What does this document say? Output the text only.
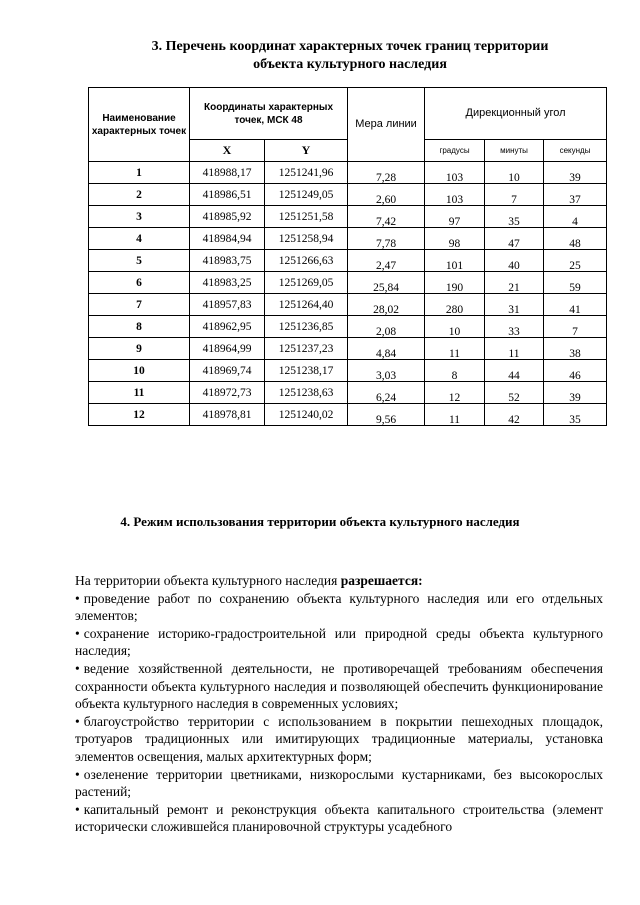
3. Перечень координат характерных точек границ территории
объекта культурного наследия
Наименование характерных точек	Координаты характерных точек, МСК 48		Мера линии	Дирекционный угол		
	X	Y		градусы	минуты	секунды
1	418988,17	1251241,96	7,28	103	10	39

2	418986,51	1251249,05	2,60	103	7	37

3	418985,92	1251251,58	7,42	97	35	4

4	418984,94	1251258,94	7,78	98	47	48

5	418983,75	1251266,63	2,47	101	40	25

6	418983,25	1251269,05	25,84	190	21	59

7	418957,83	1251264,40	28,02	280	31	41

8	418962,95	1251236,85	2,08	10	33	7

9	418964,99	1251237,23	4,84	11	11	38

10	418969,74	1251238,17	3,03	8	44	46

11	418972,73	1251238,63	6,24	12	52	39

12	418978,81	1251240,02	9,56	11	42	35
4. Режим использования территории объекта культурного наследия

На территории объекта культурного наследия разрешается:

• проведение работ по сохранению объекта культурного наследия или его отдельных элементов;

• сохранение историко-градостроительной или природной среды объекта культурного наследия;

• ведение хозяйственной деятельности, не противоречащей требованиям обеспечения сохранности объекта культурного наследия и позволяющей обеспечить функционирование объекта культурного наследия в современных условиях;

• благоустройство территории с использованием в покрытии пешеходных площадок, тротуаров традиционных или имитирующих традиционные материалы, установка элементов освещения, малых архитектурных форм;

• озеленение территории цветниками, низкорослыми кустарниками, без высокорослых растений;

• капитальный ремонт и реконструкция объекта капитального строительства (элемент исторически сложившейся планировочной структуры усадебного
